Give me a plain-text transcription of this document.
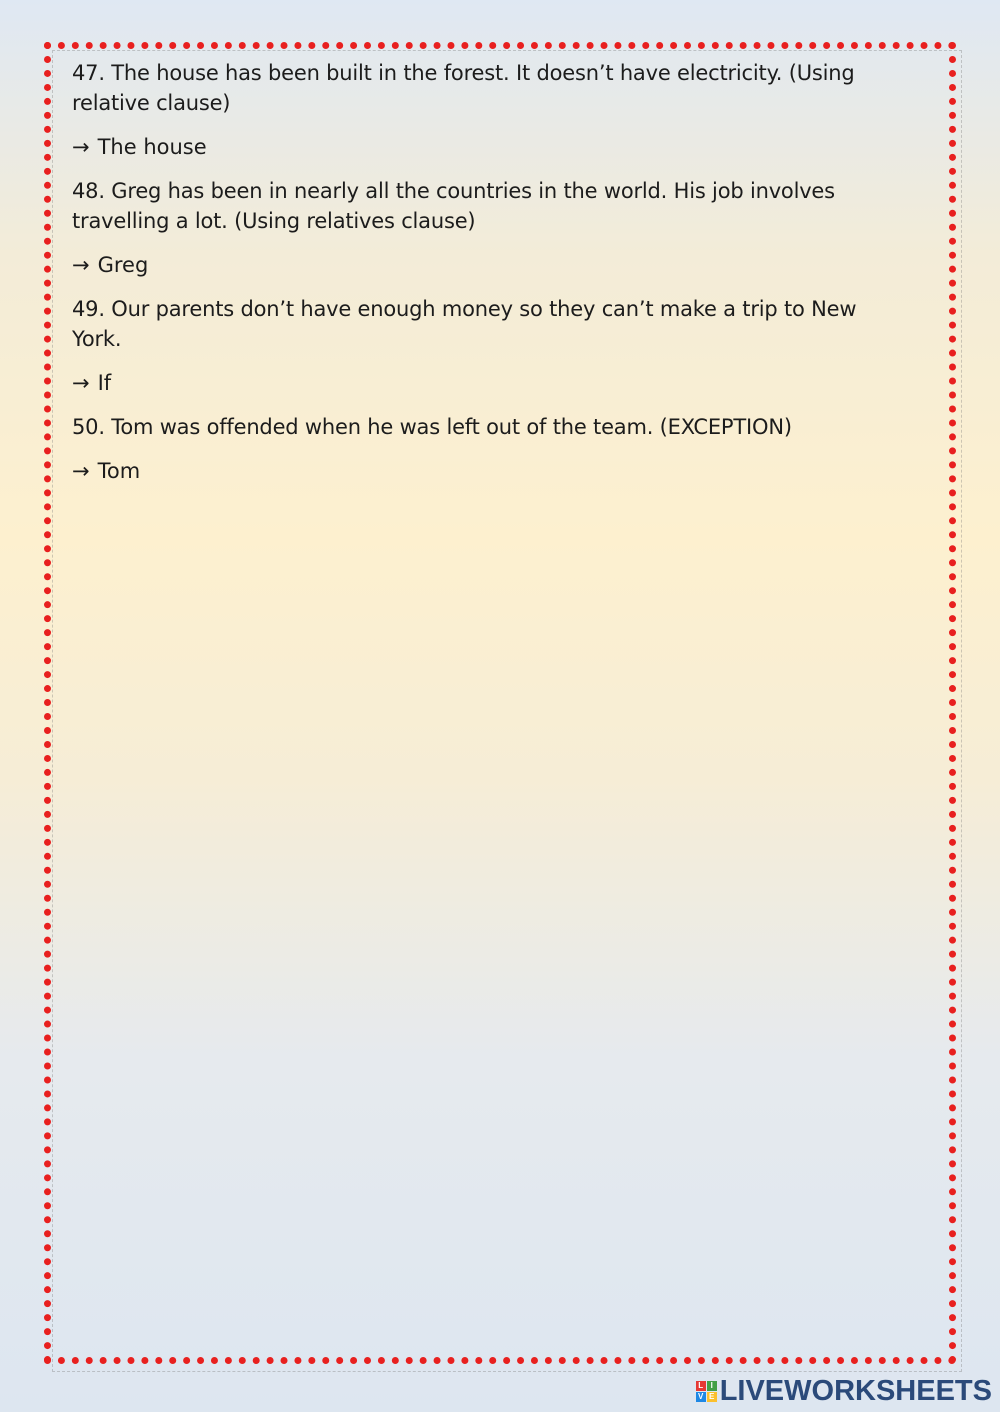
47. The house has been built in the forest. It doesn’t have electricity. (Using relative clause)

→ The house

48. Greg has been in nearly all the countries in the world. His job involves travelling a lot. (Using relatives clause)

→ Greg

49. Our parents don’t have enough money so they can’t make a trip to New York.

→ If

50. Tom was offended when he was left out of the team. (EXCEPTION)

→ Tom

L I
V E LIVEWORKSHEETS
